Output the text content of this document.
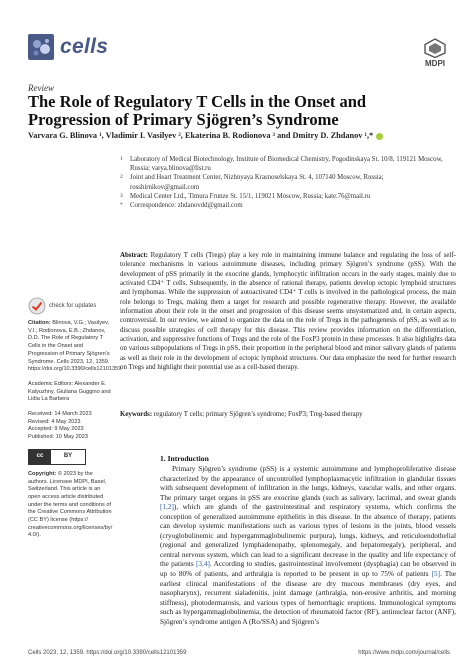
cells
MDPI
Review
The Role of Regulatory T Cells in the Onset and Progression of Primary Sjögren’s Syndrome
Varvara G. Blinova ¹, Vladimir I. Vasilyev ², Ekaterina B. Rodionova ³ and Dmitry D. Zhdanov ¹,*
1	Laboratory of Medical Biotechnology, Institute of Biomedical Chemistry, Pogodinskaya St. 10/8, 119121 Moscow, Russia; varya.blinova@list.ru
2	Joint and Heart Treatment Center, Nizhnyaya Krasnoselskaya St. 4, 107140 Moscow, Russia; rosshirnikov@gmail.com
3	Medical Center Ltd., Timura Frunze St. 15/1, 119021 Moscow, Russia; kate.76@mail.ru
*	Correspondence: zhdanovdd@gmail.com
Abstract: Regulatory T cells (Tregs) play a key role in maintaining immune balance and regulating the loss of self-tolerance mechanisms in various autoimmune diseases, including primary Sjögren’s syndrome (pSS). With the development of pSS primarily in the exocrine glands, lymphocytic infiltration occurs in the early stages, mainly due to activated CD4⁺ T cells. Subsequently, in the absence of rational therapy, patients develop ectopic lymphoid structures and lymphomas. While the suppression of autoactivated CD4⁺ T cells is involved in the pathological process, the main role belongs to Tregs, making them a target for research and possible regenerative therapy. However, the available information about their role in the onset and progression of this disease seems unsystematized and, in certain aspects, controversial. In our review, we aimed to organize the data on the role of Tregs in the pathogenesis of pSS, as well as to discuss possible strategies of cell therapy for this disease. This review provides information on the differentiation, activation, and suppressive functions of Tregs and the role of the FoxP3 protein in these processes. It also highlights data on various subpopulations of Tregs in pSS, their proportion in the peripheral blood and minor salivary glands of patients as well as their role in the development of ectopic lymphoid structures. Our data emphasize the need for further research on Tregs and highlight their potential use as a cell-based therapy.
Keywords: regulatory T cells; primary Sjögren’s syndrome; FoxP3; Treg-based therapy
check for updates
Citation: Blinova, V.G.; Vasilyev, V.I.; Rodionova, E.B.; Zhdanov, D.D. The Role of Regulatory T Cells in the Onset and Progression of Primary Sjögren’s Syndrome. Cells 2023, 12, 1359. https://doi.org/10.3390/cells12101359
Academic Editors: Alexander E. Kalyuzhny, Giuliana Guggino and Lidia La Barbera
Received: 14 March 2023
Revised: 4 May 2023
Accepted: 9 May 2023
Published: 10 May 2023
cc	BY
Copyright: © 2023 by the authors. Licensee MDPI, Basel, Switzerland. This article is an open access article distributed under the terms and conditions of the Creative Commons Attribution (CC BY) license (https:// creativecommons.org/licenses/by/ 4.0/).
1. Introduction
Primary Sjögren’s syndrome (pSS) is a systemic autoimmune and lymphoproliferative disease characterized by the appearance of uncontrolled lymphoplasmacytic infiltration in glandular tissues with subsequent development of infiltration in the lungs, kidneys, vascular walls, and other organs. The primary target organs in pSS are exocrine glands (such as salivary, lacrimal, and sweat glands [1,2]), which are glands of the gastrointestinal and respiratory systems, which confirms the conception of generalized autoimmune epithelitis in this disease. In the absence of therapy, patients can develop systemic manifestations such as various types of lesions in the joints, blood vessels (cryoglobulinemic and hypergammaglobulinemic purpura), lungs, kidneys, and reticuloendothelial (regional and generalized lymphadenopathy, splenomegaly, and hepatomegaly), peripheral, and central nervous system, which can lead to a significant decrease in the quality and life expectancy of the patients [3,4]. According to studies, gastrointestinal involvement (dysphagia) can be observed in up to 80% of patients, and arthralgia is reported to be present in up to 75% of patients [5]. The earliest clinical manifestations of the disease are dry mucous membranes (dry eyes, and nasopharynx), recurrent sialadenitis, joint damage (arthralgia, non-erosive arthritis, and morning stiffness), photodermatosis, and various types of hemorrhagic eruptions. Immunological symptoms such as hypergammaglobulinemia, the detection of rheumatoid factor (RF), antinuclear factor (ANF), Sjögren’s syndrome antigen A (Ro/SSA) and Sjögren’s
Cells 2023, 12, 1359. https://doi.org/10.3390/cells12101359	https://www.mdpi.com/journal/cells
